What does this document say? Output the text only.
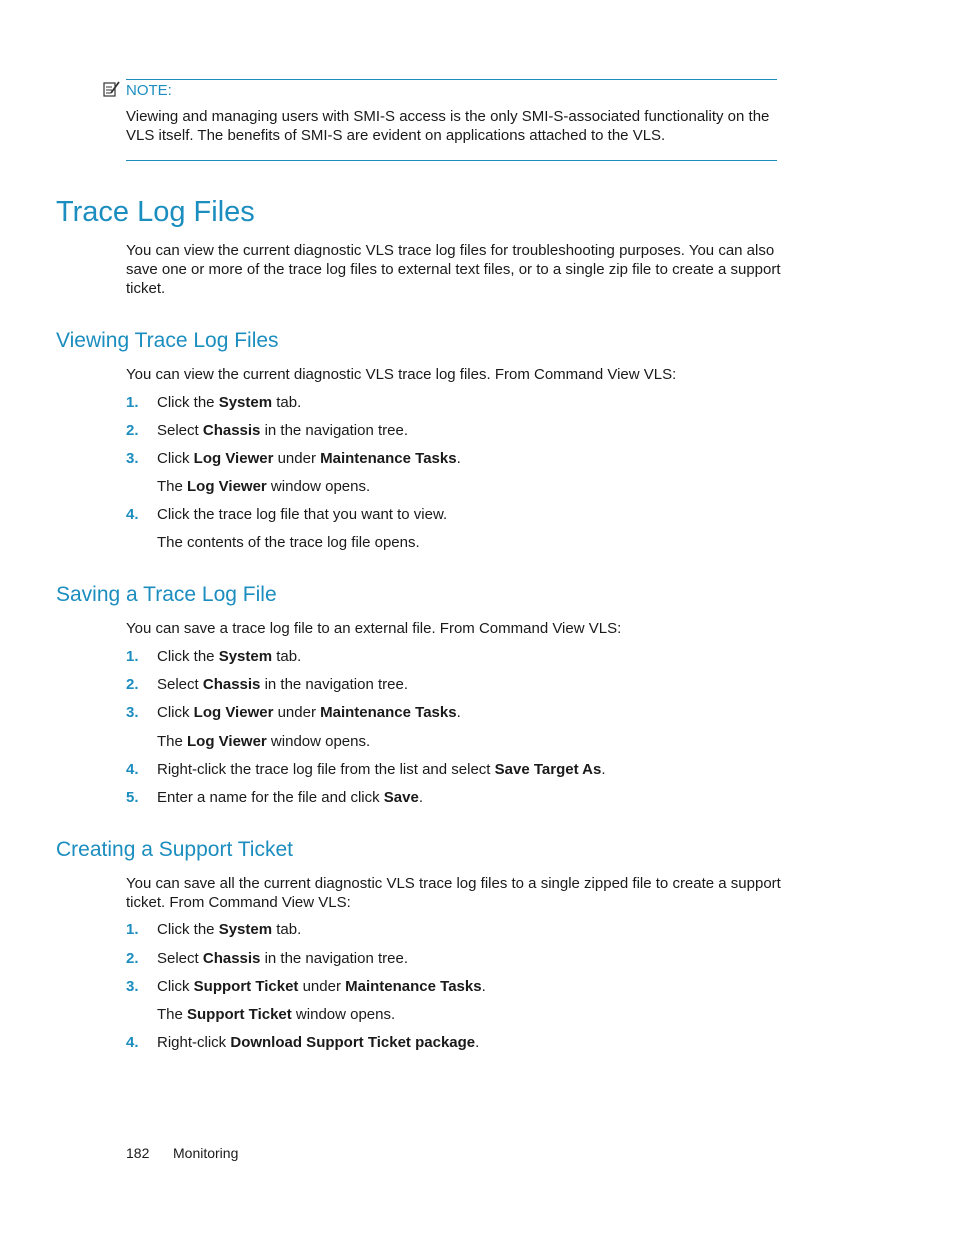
NOTE:
Viewing and managing users with SMI-S access is the only SMI-S-associated functionality on the VLS itself. The benefits of SMI-S are evident on applications attached to the VLS.
Trace Log Files
You can view the current diagnostic VLS trace log files for troubleshooting purposes. You can also save one or more of the trace log files to external text files, or to a single zip file to create a support ticket.
Viewing Trace Log Files
You can view the current diagnostic VLS trace log files. From Command View VLS:
1. Click the System tab.
2. Select Chassis in the navigation tree.
3. Click Log Viewer under Maintenance Tasks.
The Log Viewer window opens.
4. Click the trace log file that you want to view.
The contents of the trace log file opens.
Saving a Trace Log File
You can save a trace log file to an external file. From Command View VLS:
1. Click the System tab.
2. Select Chassis in the navigation tree.
3. Click Log Viewer under Maintenance Tasks.
The Log Viewer window opens.
4. Right-click the trace log file from the list and select Save Target As.
5. Enter a name for the file and click Save.
Creating a Support Ticket
You can save all the current diagnostic VLS trace log files to a single zipped file to create a support ticket. From Command View VLS:
1. Click the System tab.
2. Select Chassis in the navigation tree.
3. Click Support Ticket under Maintenance Tasks.
The Support Ticket window opens.
4. Right-click Download Support Ticket package.
182 Monitoring
